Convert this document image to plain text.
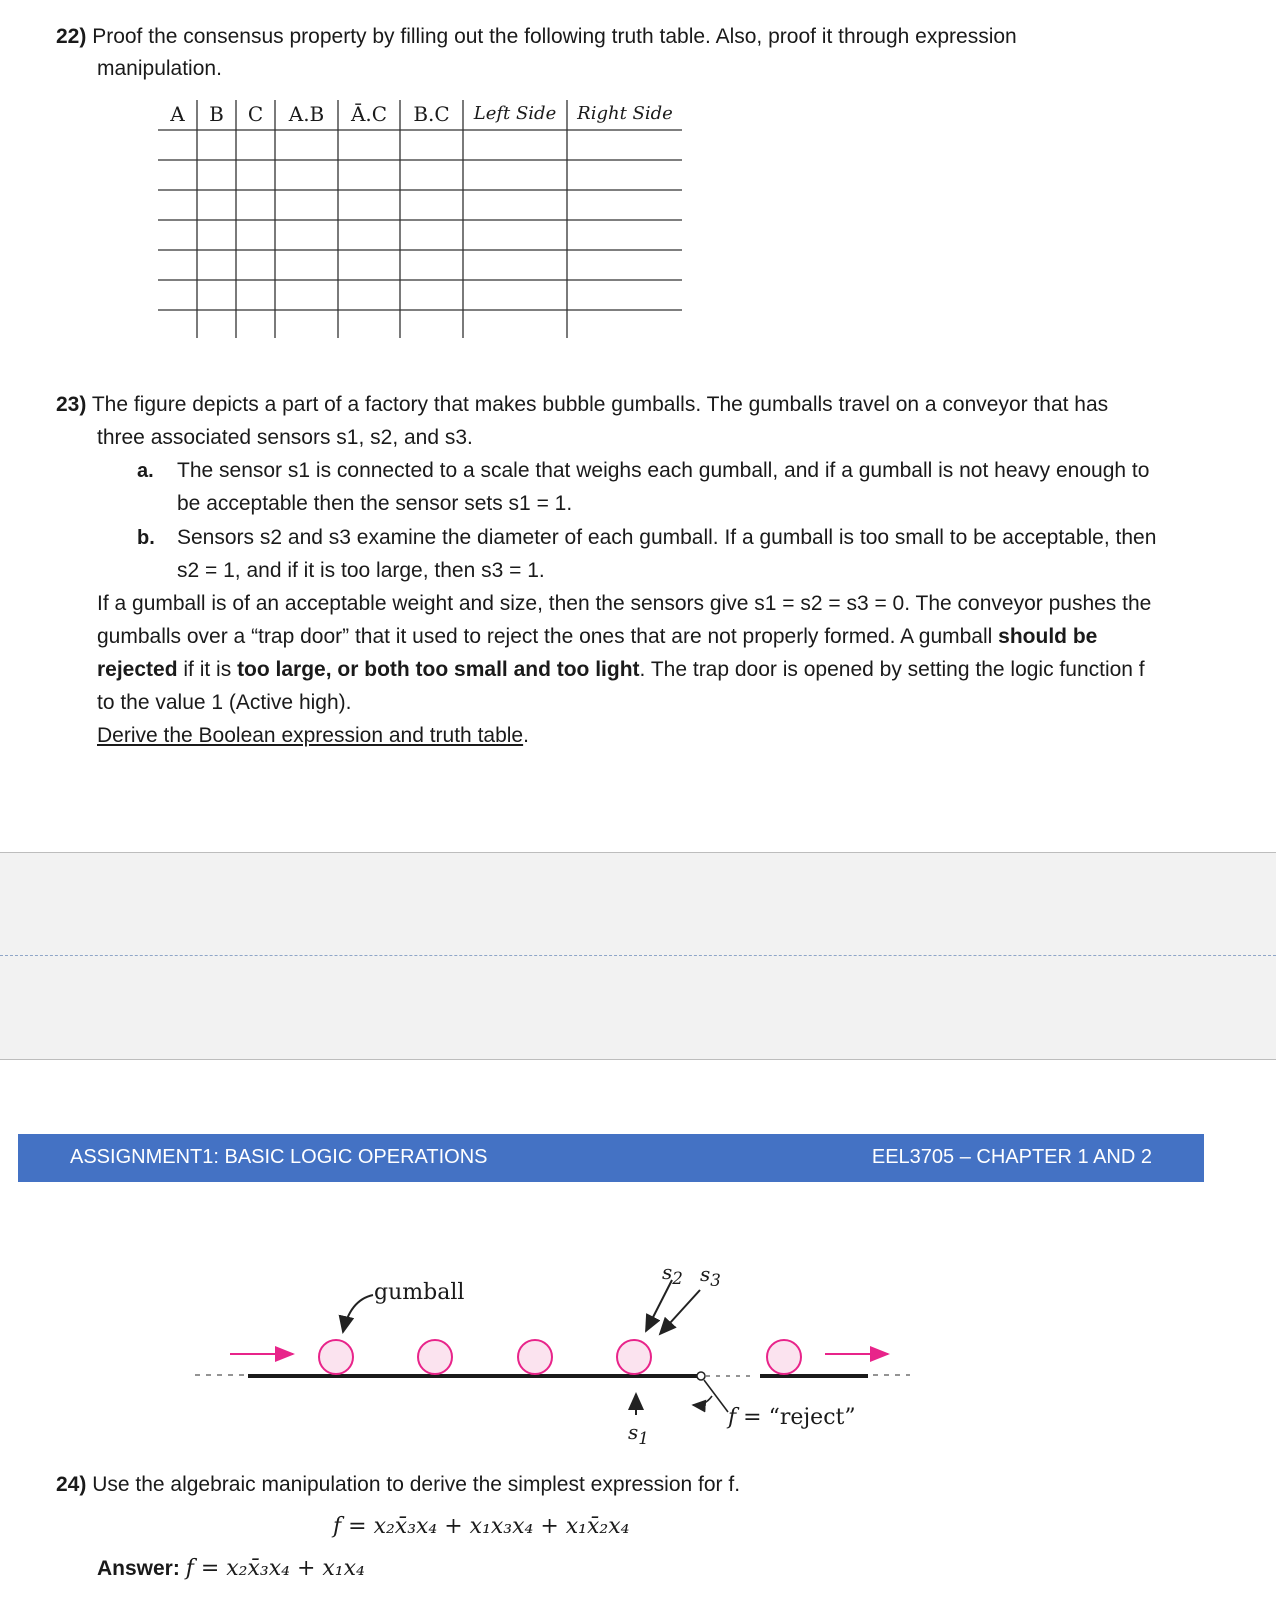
22) Proof the consensus property by filling out the following truth table. Also, proof it through expression
manipulation.
A	B	C	A.B	Ā.C	B.C	Left Side	Right Side
23) The figure depicts a part of a factory that makes bubble gumballs. The gumballs travel on a conveyor that has
three associated sensors s1, s2, and s3.
a. The sensor s1 is connected to a scale that weighs each gumball, and if a gumball is not heavy enough to
be acceptable then the sensor sets s1 = 1.
b. Sensors s2 and s3 examine the diameter of each gumball. If a gumball is too small to be acceptable, then
s2 = 1, and if it is too large, then s3 = 1.
If a gumball is of an acceptable weight and size, then the sensors give s1 = s2 = s3 = 0. The conveyor pushes the
gumballs over a “trap door” that it used to reject the ones that are not properly formed. A gumball should be
rejected if it is too large, or both too small and too light. The trap door is opened by setting the logic function f
to the value 1 (Active high).
Derive the Boolean expression and truth table.
ASSIGNMENT1: BASIC LOGIC OPERATIONS	EEL3705 – CHAPTER 1 AND 2
gumball
$s_2$ $s_3$
$s_1$
f = “reject”
24) Use the algebraic manipulation to derive the simplest expression for f.
f = x₂x̄₃x₄ + x₁x₃x₄ + x₁x̄₂x₄
Answer: f = x₂x̄₃x₄ + x₁x₄
